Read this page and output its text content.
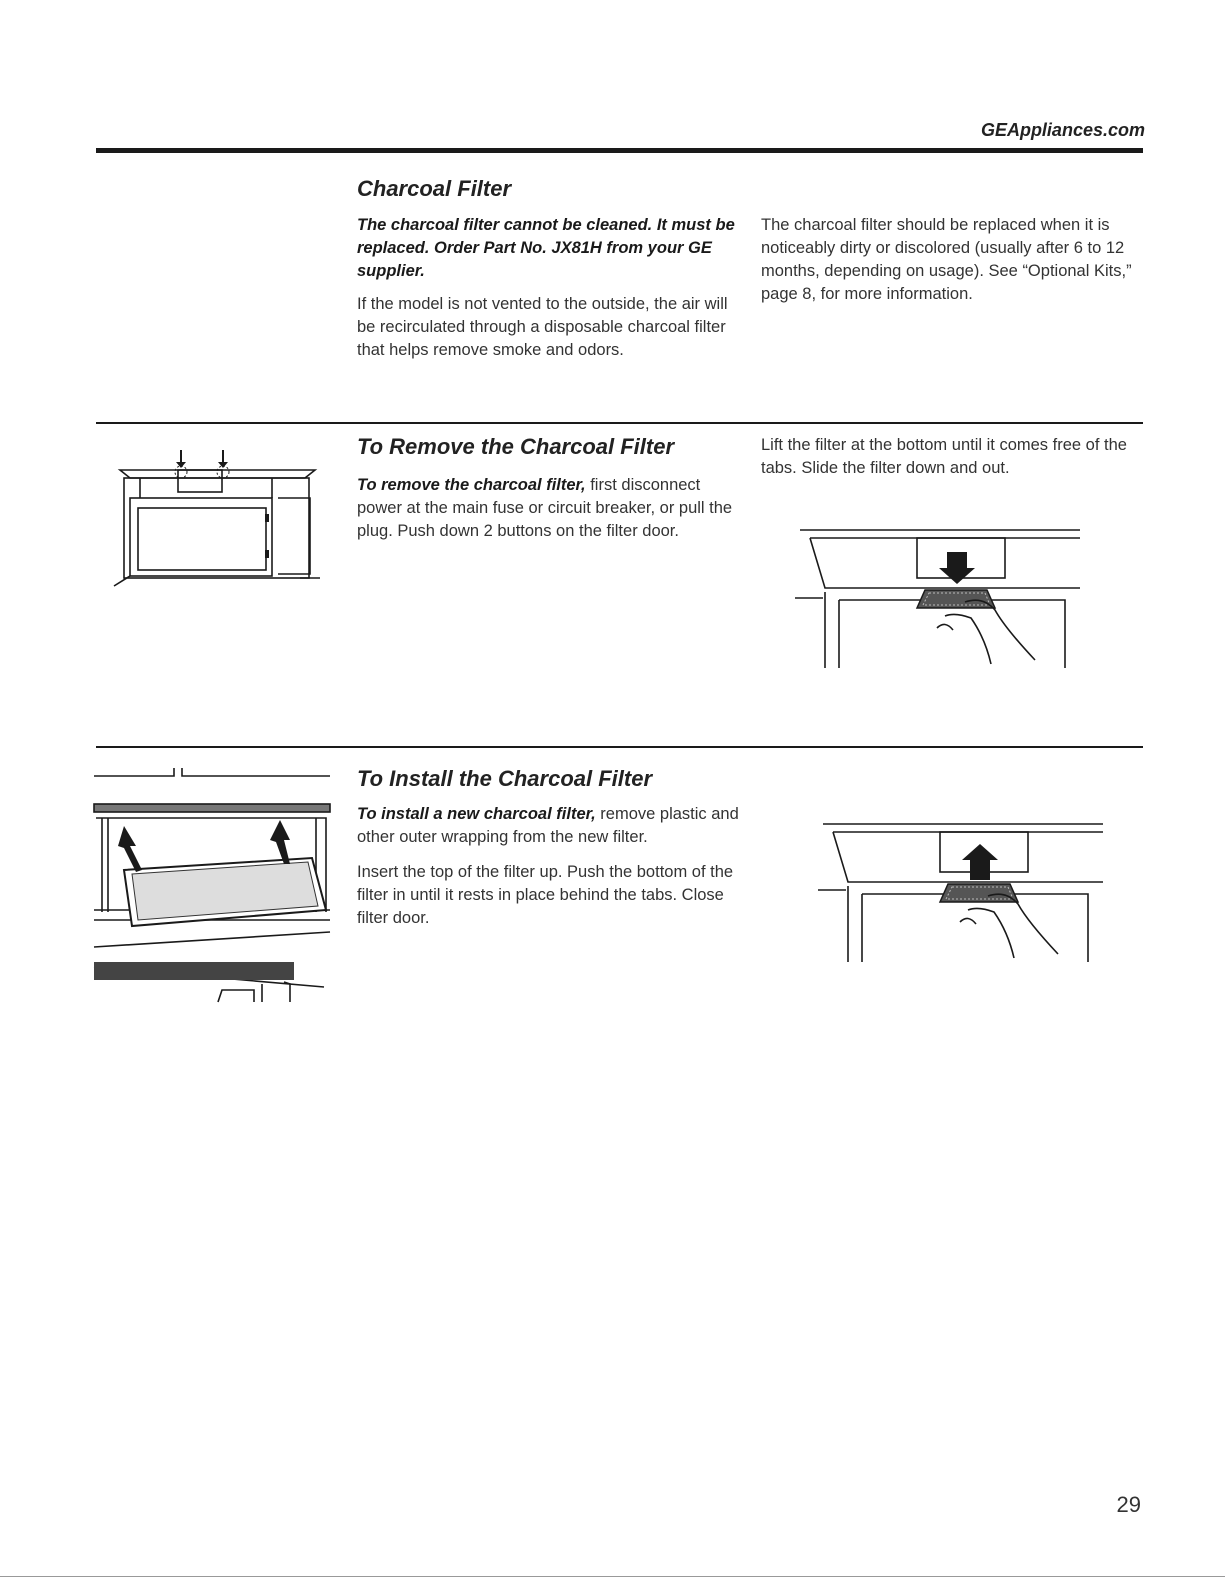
GEAppliances.com
Charcoal Filter

The charcoal filter cannot be cleaned. It must be replaced. Order Part No. JX81H from your GE supplier.

If the model is not vented to the outside, the air will be recirculated through a disposable charcoal filter that helps remove smoke and odors.

The charcoal filter should be replaced when it is noticeably dirty or discolored (usually after 6 to 12 months, depending on usage). See “Optional Kits,” page 8, for more information.

To Remove the Charcoal Filter

To remove the charcoal filter, first disconnect power at the main fuse or circuit breaker, or pull the plug. Push down 2 buttons on the filter door.

Lift the filter at the bottom until it comes free of the tabs. Slide the filter down and out.

To Install the Charcoal Filter

To install a new charcoal filter, remove plastic and other outer wrapping from the new filter.

Insert the top of the filter up. Push the bottom of the filter in until it rests in place behind the tabs. Close filter door.

29
